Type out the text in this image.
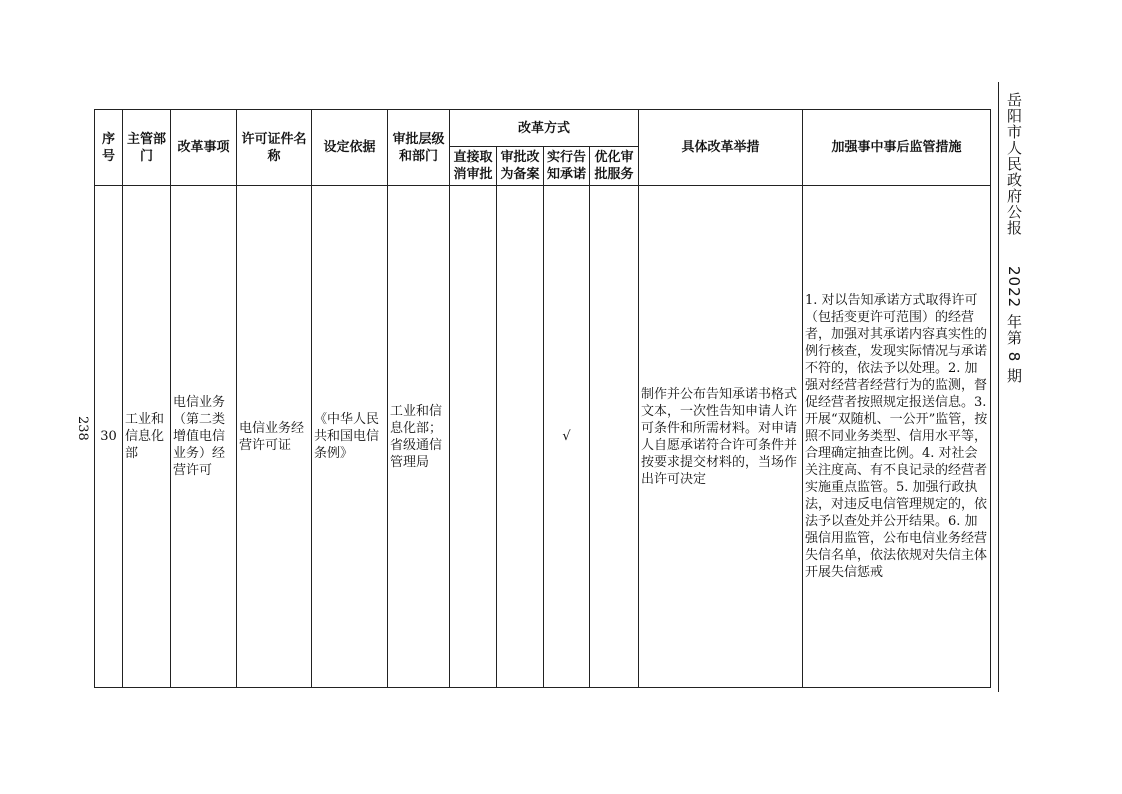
238
序号	主管部门	改革事项	许可证件名称	设定依据	审批层级和部门	改革方式				具体改革举措	加强事中事后监管措施
						直接取消审批	审批改为备案	实行告知承诺	优化审批服务		
30	工业和信息化部	电信业务（第二类增值电信业务）经营许可	电信业务经营许可证	《中华人民共和国电信条例》	工业和信息化部；省级通信管理局			√		制作并公布告知承诺书格式文本，一次性告知申请人许可条件和所需材料。对申请人自愿承诺符合许可条件并按要求提交材料的，当场作出许可决定	1. 对以告知承诺方式取得许可（包括变更许可范围）的经营者，加强对其承诺内容真实性的例行核查，发现实际情况与承诺不符的，依法予以处理。2. 加强对经营者经营行为的监测，督促经营者按照规定报送信息。3. 开展“双随机、一公开”监管，按照不同业务类型、信用水平等，合理确定抽查比例。4. 对社会关注度高、有不良记录的经营者实施重点监管。5. 加强行政执法，对违反电信管理规定的，依法予以查处并公开结果。6. 加强信用监管，公布电信业务经营失信名单，依法依规对失信主体开展失信惩戒
岳阳市人民政府公报  2022 年第 8 期
